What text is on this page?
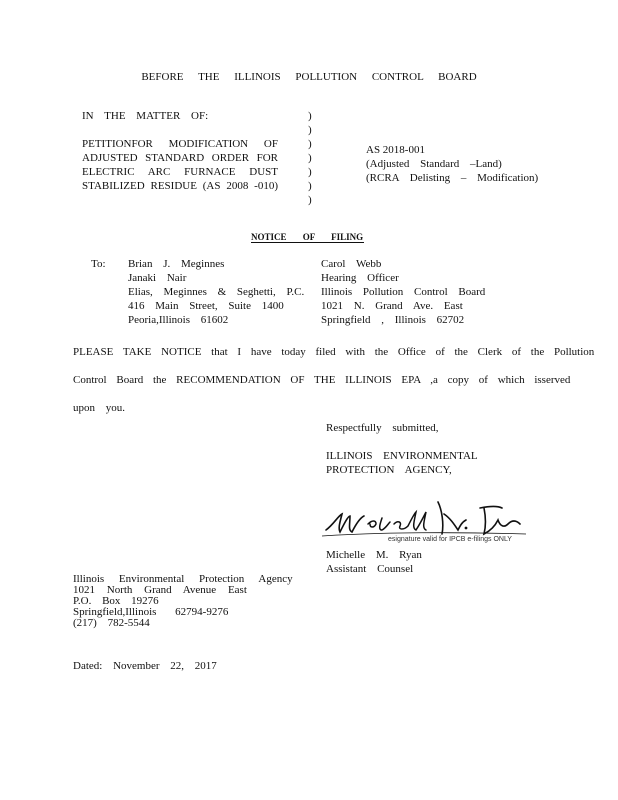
BEFORE THE ILLINOIS POLLUTION CONTROL BOARD
IN THE MATTER OF:

PETITIONFOR MODIFICATION OF
ADJUSTED STANDARD ORDER FOR
ELECTRIC ARC FURNACE DUST
STABILIZED RESIDUE (AS 2008 -010)
)
)
)
)
)
)
)
AS 2018-001
(Adjusted Standard –Land)
(RCRA Delisting – Modification)
NOTICE OF FILING
To: Brian J. Meginnes
Janaki Nair
Elias, Meginnes & Seghetti, P.C.
416 Main Street, Suite 1400
Peoria,Illinois 61602
Carol Webb
Hearing Officer
Illinois Pollution Control Board
1021 N. Grand Ave. East
Springfield , Illinois 62702
PLEASE TAKE NOTICE that I have today filed with the Office of the Clerk of the Pollution
Control Board the RECOMMENDATION OF THE ILLINOIS EPA ,a copy of which isserved
upon you.
Respectfully submitted,
ILLINOIS ENVIRONMENTAL
PROTECTION AGENCY,
esignature valid for IPCB e-filings ONLY
Michelle M. Ryan
Assistant Counsel
Illinois Environmental Protection Agency
1021 North Grand Avenue East
P.O. Box 19276
Springfield,Illinois 62794-9276
(217) 782-5544
Dated: November 22, 2017
